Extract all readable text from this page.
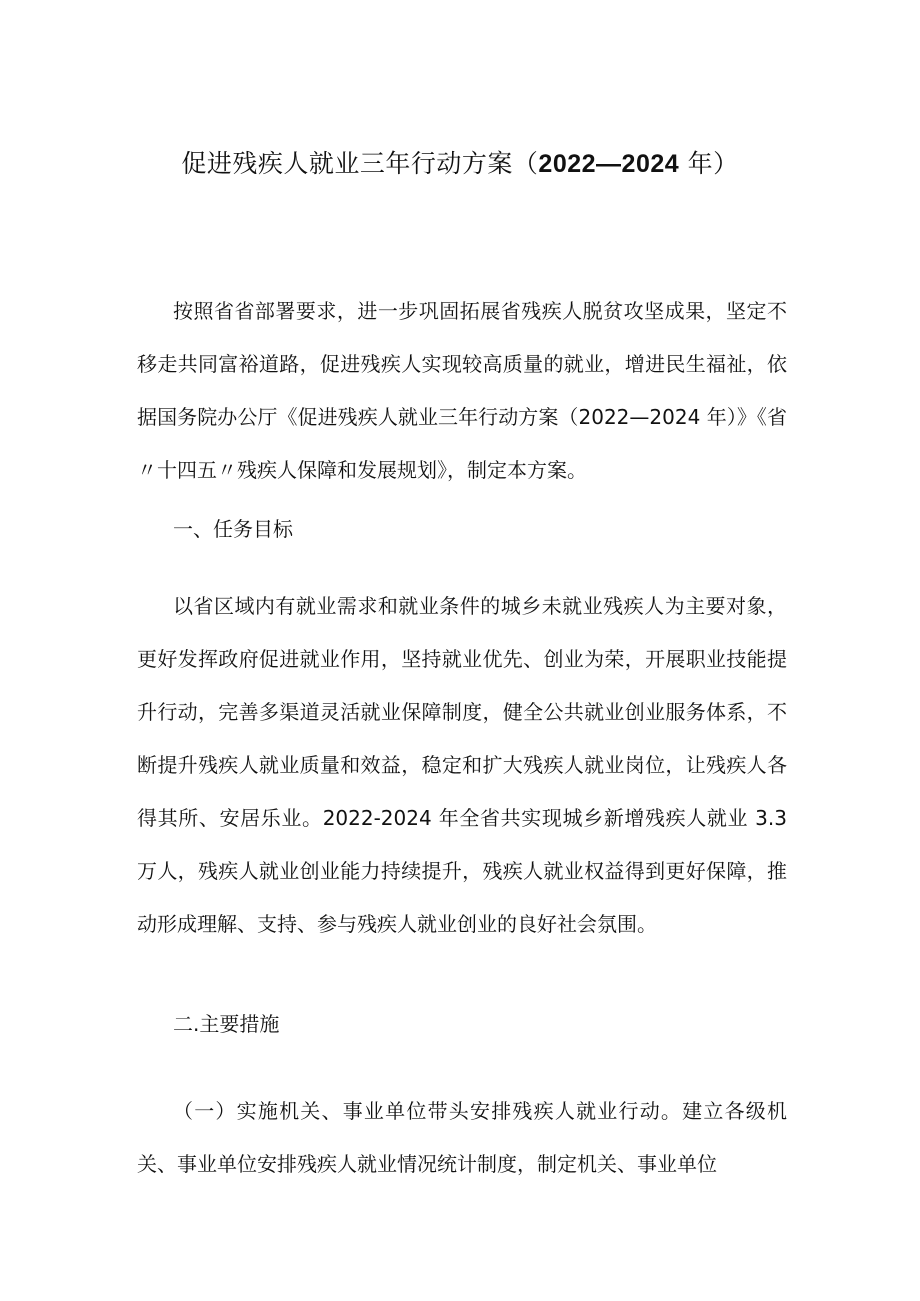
促进残疾人就业三年行动方案（2022—2024 年）

按照省省部署要求，进一步巩固拓展省残疾人脱贫攻坚成果，坚定不移走共同富裕道路，促进残疾人实现较高质量的就业，增进民生福祉，依据国务院办公厅《促进残疾人就业三年行动方案（2022—2024 年）》《省〃十四五〃残疾人保障和发展规划》，制定本方案。

一、任务目标

以省区域内有就业需求和就业条件的城乡未就业残疾人为主要对象，更好发挥政府促进就业作用，坚持就业优先、创业为荣，开展职业技能提升行动，完善多渠道灵活就业保障制度，健全公共就业创业服务体系，不断提升残疾人就业质量和效益，稳定和扩大残疾人就业岗位，让残疾人各得其所、安居乐业。2022-2024 年全省共实现城乡新增残疾人就业 3.3 万人，残疾人就业创业能力持续提升，残疾人就业权益得到更好保障，推动形成理解、支持、参与残疾人就业创业的良好社会氛围。

二.主要措施

（一）实施机关、事业单位带头安排残疾人就业行动。建立各级机关、事业单位安排残疾人就业情况统计制度，制定机关、事业单位
